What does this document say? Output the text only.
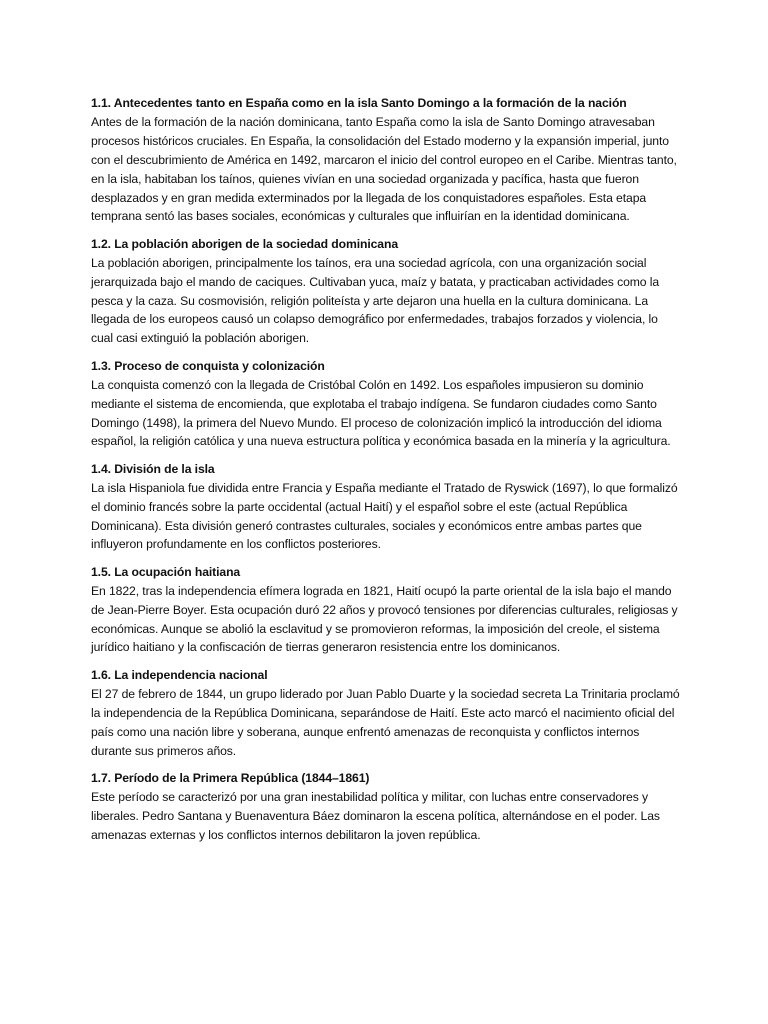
1.1. Antecedentes tanto en España como en la isla Santo Domingo a la formación de la nación

Antes de la formación de la nación dominicana, tanto España como la isla de Santo Domingo atravesaban procesos históricos cruciales. En España, la consolidación del Estado moderno y la expansión imperial, junto con el descubrimiento de América en 1492, marcaron el inicio del control europeo en el Caribe. Mientras tanto, en la isla, habitaban los taínos, quienes vivían en una sociedad organizada y pacífica, hasta que fueron desplazados y en gran medida exterminados por la llegada de los conquistadores españoles. Esta etapa temprana sentó las bases sociales, económicas y culturales que influirían en la identidad dominicana.

1.2. La población aborigen de la sociedad dominicana

La población aborigen, principalmente los taínos, era una sociedad agrícola, con una organización social jerarquizada bajo el mando de caciques. Cultivaban yuca, maíz y batata, y practicaban actividades como la pesca y la caza. Su cosmovisión, religión politeísta y arte dejaron una huella en la cultura dominicana. La llegada de los europeos causó un colapso demográfico por enfermedades, trabajos forzados y violencia, lo cual casi extinguió la población aborigen.

1.3. Proceso de conquista y colonización

La conquista comenzó con la llegada de Cristóbal Colón en 1492. Los españoles impusieron su dominio mediante el sistema de encomienda, que explotaba el trabajo indígena. Se fundaron ciudades como Santo Domingo (1498), la primera del Nuevo Mundo. El proceso de colonización implicó la introducción del idioma español, la religión católica y una nueva estructura política y económica basada en la minería y la agricultura.

1.4. División de la isla

La isla Hispaniola fue dividida entre Francia y España mediante el Tratado de Ryswick (1697), lo que formalizó el dominio francés sobre la parte occidental (actual Haití) y el español sobre el este (actual República Dominicana). Esta división generó contrastes culturales, sociales y económicos entre ambas partes que influyeron profundamente en los conflictos posteriores.

1.5. La ocupación haitiana

En 1822, tras la independencia efímera lograda en 1821, Haití ocupó la parte oriental de la isla bajo el mando de Jean-Pierre Boyer. Esta ocupación duró 22 años y provocó tensiones por diferencias culturales, religiosas y económicas. Aunque se abolió la esclavitud y se promovieron reformas, la imposición del creole, el sistema jurídico haitiano y la confiscación de tierras generaron resistencia entre los dominicanos.

1.6. La independencia nacional

El 27 de febrero de 1844, un grupo liderado por Juan Pablo Duarte y la sociedad secreta La Trinitaria proclamó la independencia de la República Dominicana, separándose de Haití. Este acto marcó el nacimiento oficial del país como una nación libre y soberana, aunque enfrentó amenazas de reconquista y conflictos internos durante sus primeros años.

1.7. Período de la Primera República (1844–1861)

Este período se caracterizó por una gran inestabilidad política y militar, con luchas entre conservadores y liberales. Pedro Santana y Buenaventura Báez dominaron la escena política, alternándose en el poder. Las amenazas externas y los conflictos internos debilitaron la joven república.
